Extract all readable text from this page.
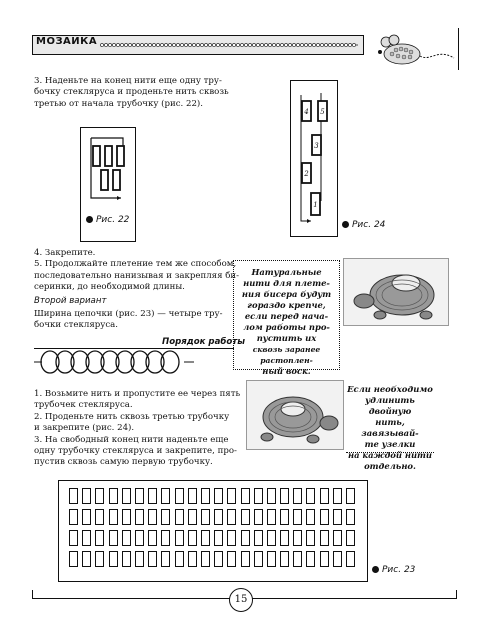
МОЗАИКА
3. Наденьте на конец нити еще одну тру-
бочку стекляруса и проденьте нить сквозь
третью от начала трубочку (рис. 22).
Рис. 22
4 5
3
2
1
Рис. 24
4. Закрепите.
5. Продолжайте плетение тем же способом,
последовательно нанизывая и закрепляя би-
серинки, до необходимой длины.
Второй вариант
Ширина цепочки (рис. 23) — четыре тру-
бочки стекляруса.
Порядок работы
Натуральные
нити для плете-
ния бисера будут
гораздо крепче,
если перед нача-
лом работы про-
пустить их
сквозь заранее растоплен-
ный воск.
1. Возьмите нить и пропустите ее через пять
трубочек стекляруса.
2. Проденьте нить сквозь третью трубочку
и закрепите (рис. 24).
3. На свободный конец нити наденьте еще
одну трубочку стекляруса и закрепите, про-
пустив сквозь самую первую трубочку.
Если необходимо
удлинить двойную
нить, завязывай-
те узелки
на каждой нити
отдельно.
Рис. 23
15
